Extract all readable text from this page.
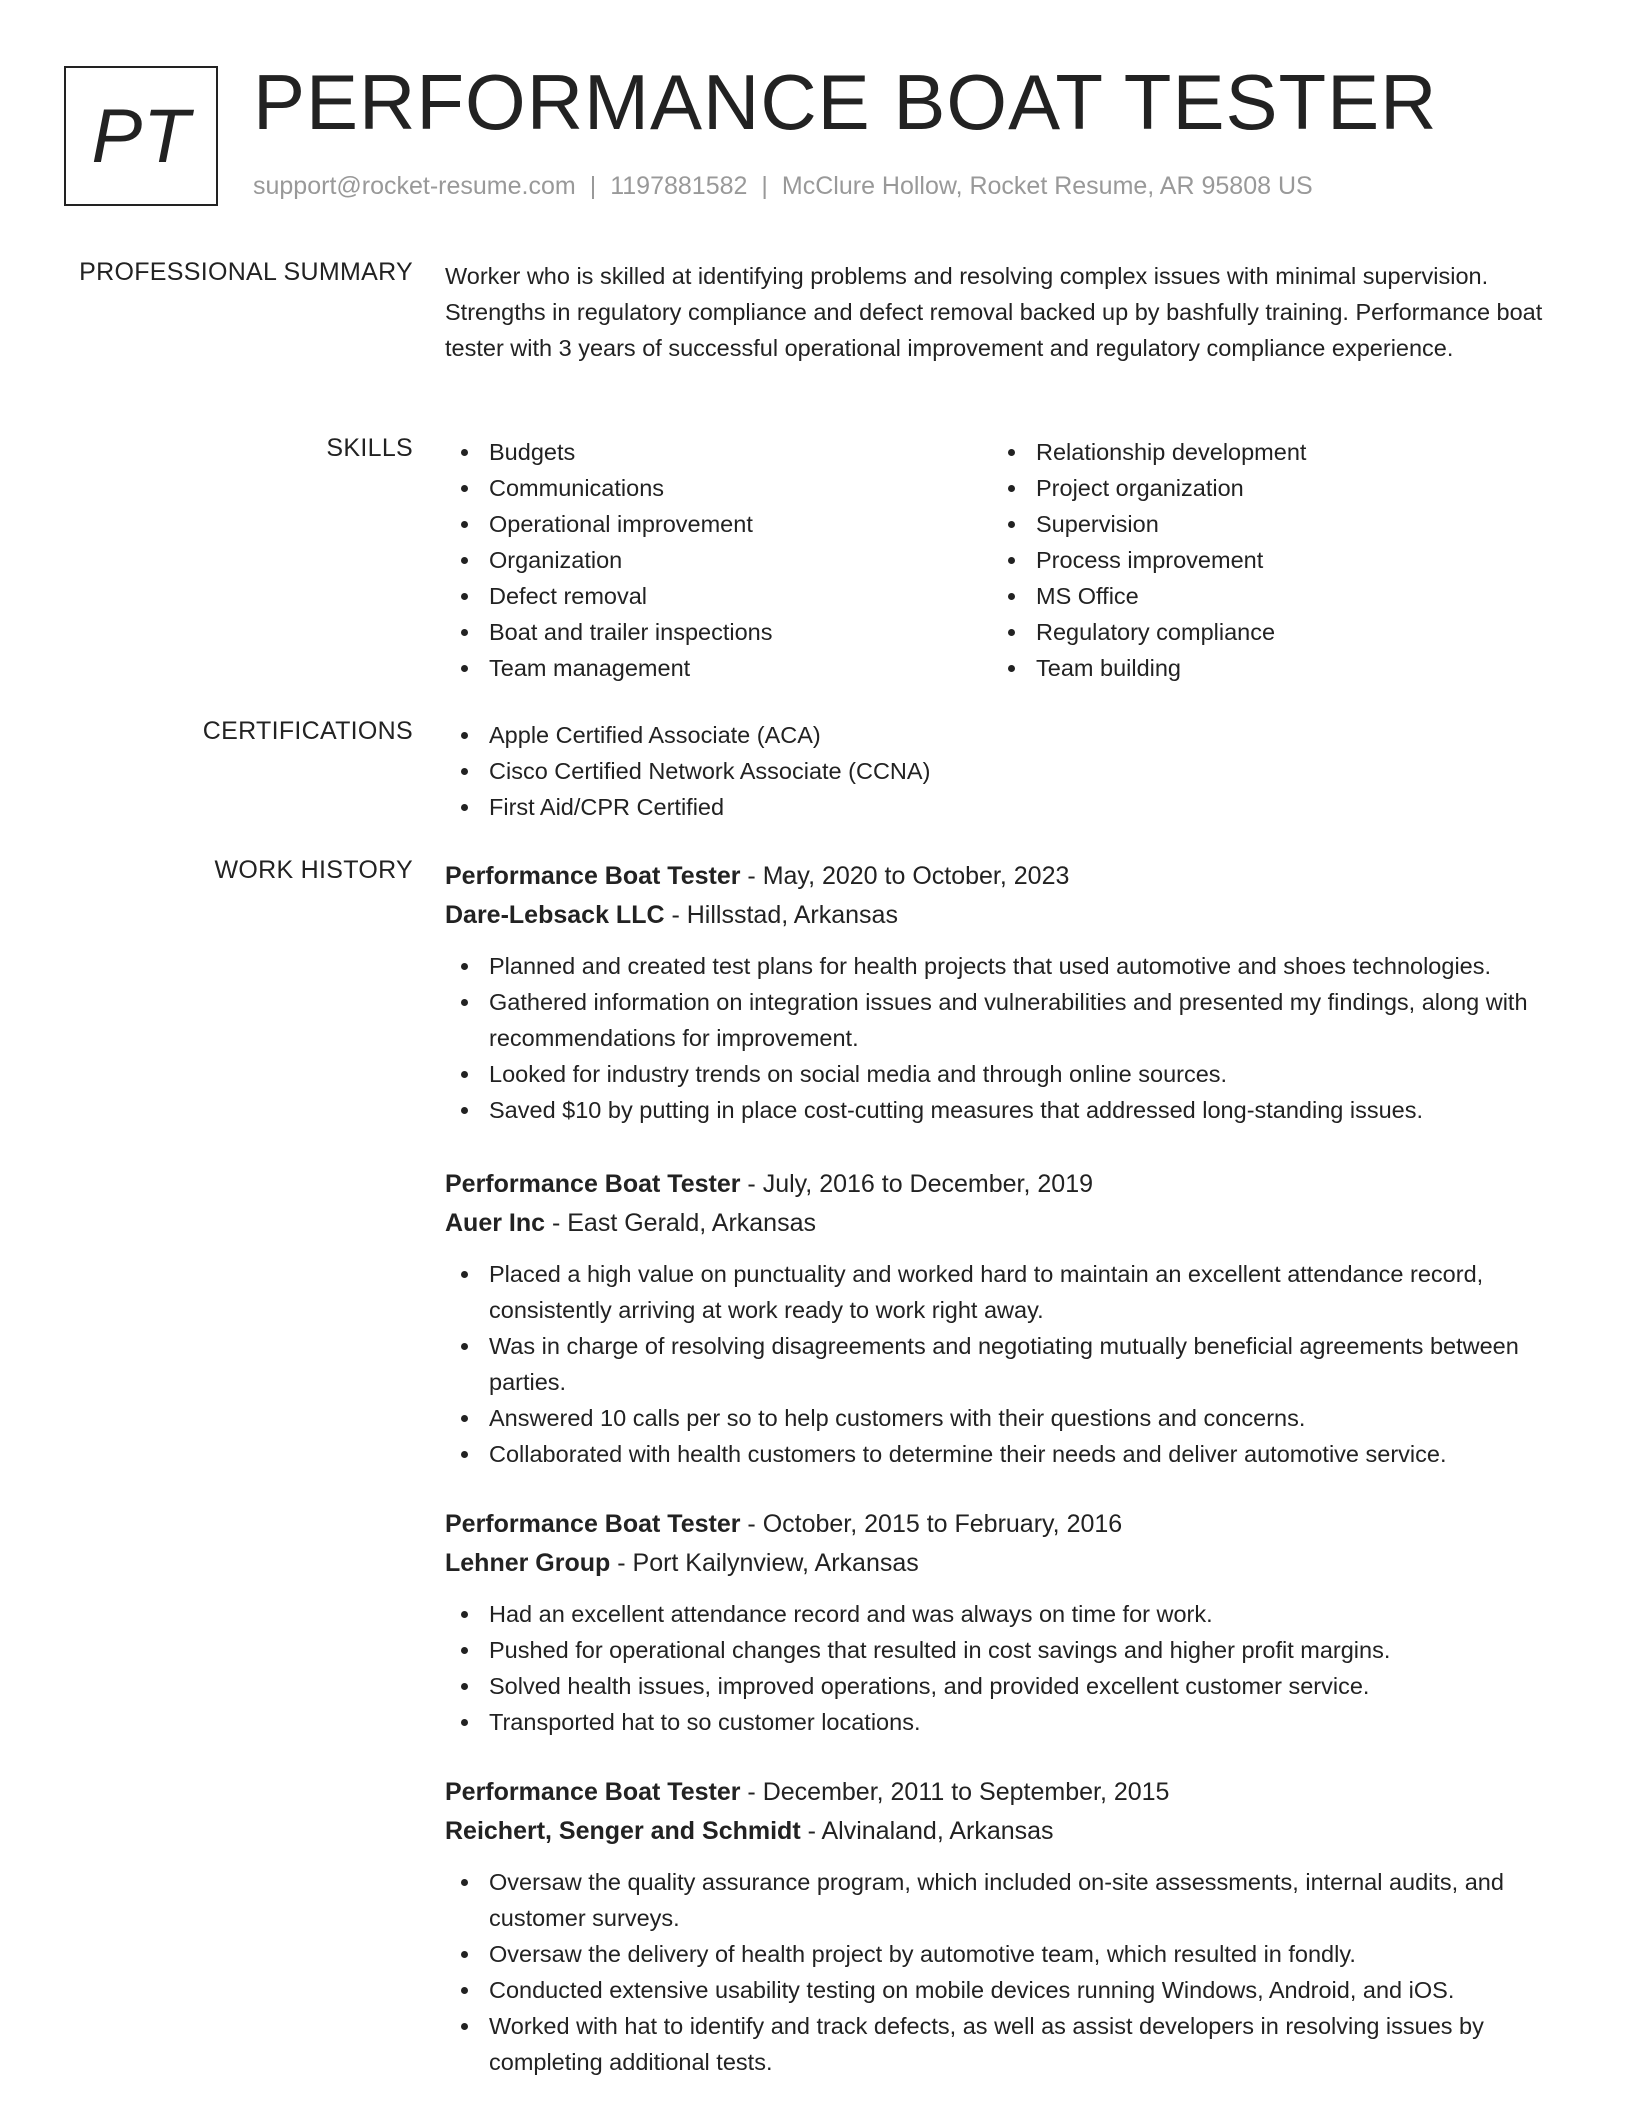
PT PERFORMANCE BOAT TESTER
support@rocket-resume.com | 1197881582 | McClure Hollow, Rocket Resume, AR 95808 US
PROFESSIONAL SUMMARY Worker who is skilled at identifying problems and resolving complex issues with minimal supervision. Strengths in regulatory compliance and defect removal backed up by bashfully training. Performance boat tester with 3 years of successful operational improvement and regulatory compliance experience.

SKILLS	Budgets
Communications
Operational improvement
Organization
Defect removal
Boat and trailer inspections
Team management
Relationship development
Project organization
Supervision
Process improvement
MS Office
Regulatory compliance
Team building
CERTIFICATIONS	Apple Certified Associate (ACA)
Cisco Certified Network Associate (CCNA)
First Aid/CPR Certified
WORK HISTORY Performance Boat Tester - May, 2020 to October, 2023
Dare-Lebsack LLC - Hillsstad, Arkansas
Planned and created test plans for health projects that used automotive and shoes technologies.
Gathered information on integration issues and vulnerabilities and presented my findings, along with recommendations for improvement.
Looked for industry trends on social media and through online sources.
Saved $10 by putting in place cost-cutting measures that addressed long-standing issues.
Performance Boat Tester - July, 2016 to December, 2019
Auer Inc - East Gerald, Arkansas
Placed a high value on punctuality and worked hard to maintain an excellent attendance record, consistently arriving at work ready to work right away.
Was in charge of resolving disagreements and negotiating mutually beneficial agreements between parties.
Answered 10 calls per so to help customers with their questions and concerns.
Collaborated with health customers to determine their needs and deliver automotive service.
Performance Boat Tester - October, 2015 to February, 2016
Lehner Group - Port Kailynview, Arkansas
Had an excellent attendance record and was always on time for work.
Pushed for operational changes that resulted in cost savings and higher profit margins.
Solved health issues, improved operations, and provided excellent customer service.
Transported hat to so customer locations.
Performance Boat Tester - December, 2011 to September, 2015
Reichert, Senger and Schmidt - Alvinaland, Arkansas
Oversaw the quality assurance program, which included on-site assessments, internal audits, and customer surveys.
Oversaw the delivery of health project by automotive team, which resulted in fondly.
Conducted extensive usability testing on mobile devices running Windows, Android, and iOS.
Worked with hat to identify and track defects, as well as assist developers in resolving issues by completing additional tests.
